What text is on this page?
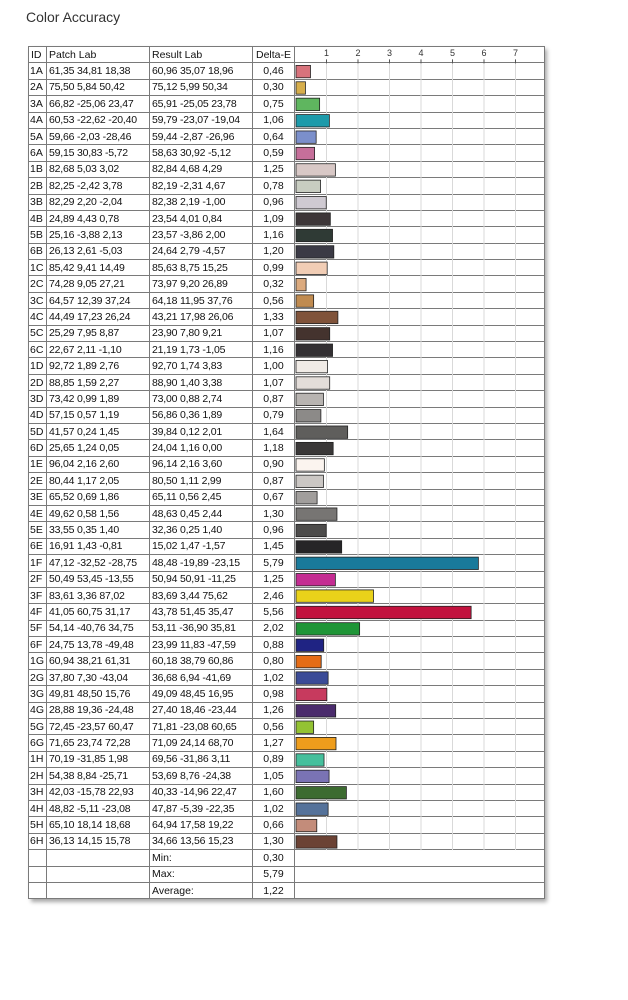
Color Accuracy
ID	Patch Lab	Result Lab	Delta-E	
1A	61,35 34,81 18,38	60,96 35,07 18,96	0,46	
2A	75,50 5,84 50,42	75,12 5,99 50,34	0,30	
3A	66,82 -25,06 23,47	65,91 -25,05 23,78	0,75	
4A	60,53 -22,62 -20,40	59,79 -23,07 -19,04	1,06	
5A	59,66 -2,03 -28,46	59,44 -2,87 -26,96	0,64	
6A	59,15 30,83 -5,72	58,63 30,92 -5,12	0,59	
1B	82,68 5,03 3,02	82,84 4,68 4,29	1,25	
2B	82,25 -2,42 3,78	82,19 -2,31 4,67	0,78	
3B	82,29 2,20 -2,04	82,38 2,19 -1,00	0,96	
4B	24,89 4,43 0,78	23,54 4,01 0,84	1,09	
5B	25,16 -3,88 2,13	23,57 -3,86 2,00	1,16	
6B	26,13 2,61 -5,03	24,64 2,79 -4,57	1,20	
1C	85,42 9,41 14,49	85,63 8,75 15,25	0,99	
2C	74,28 9,05 27,21	73,97 9,20 26,89	0,32	
3C	64,57 12,39 37,24	64,18 11,95 37,76	0,56	
4C	44,49 17,23 26,24	43,21 17,98 26,06	1,33	
5C	25,29 7,95 8,87	23,90 7,80 9,21	1,07	
6C	22,67 2,11 -1,10	21,19 1,73 -1,05	1,16	
1D	92,72 1,89 2,76	92,70 1,74 3,83	1,00	
2D	88,85 1,59 2,27	88,90 1,40 3,38	1,07	
3D	73,42 0,99 1,89	73,00 0,88 2,74	0,87	
4D	57,15 0,57 1,19	56,86 0,36 1,89	0,79	
5D	41,57 0,24 1,45	39,84 0,12 2,01	1,64	
6D	25,65 1,24 0,05	24,04 1,16 0,00	1,18	
1E	96,04 2,16 2,60	96,14 2,16 3,60	0,90	
2E	80,44 1,17 2,05	80,50 1,11 2,99	0,87	
3E	65,52 0,69 1,86	65,11 0,56 2,45	0,67	
4E	49,62 0,58 1,56	48,63 0,45 2,44	1,30	
5E	33,55 0,35 1,40	32,36 0,25 1,40	0,96	
6E	16,91 1,43 -0,81	15,02 1,47 -1,57	1,45	
1F	47,12 -32,52 -28,75	48,48 -19,89 -23,15	5,79	
2F	50,49 53,45 -13,55	50,94 50,91 -11,25	1,25	
3F	83,61 3,36 87,02	83,69 3,44 75,62	2,46	
4F	41,05 60,75 31,17	43,78 51,45 35,47	5,56	
5F	54,14 -40,76 34,75	53,11 -36,90 35,81	2,02	
6F	24,75 13,78 -49,48	23,99 11,83 -47,59	0,88	
1G	60,94 38,21 61,31	60,18 38,79 60,86	0,80	
2G	37,80 7,30 -43,04	36,68 6,94 -41,69	1,02	
3G	49,81 48,50 15,76	49,09 48,45 16,95	0,98	
4G	28,88 19,36 -24,48	27,40 18,46 -23,44	1,26	
5G	72,45 -23,57 60,47	71,81 -23,08 60,65	0,56	
6G	71,65 23,74 72,28	71,09 24,14 68,70	1,27	
1H	70,19 -31,85 1,98	69,56 -31,86 3,11	0,89	
2H	54,38 8,84 -25,71	53,69 8,76 -24,38	1,05	
3H	42,03 -15,78 22,93	40,33 -14,96 22,47	1,60	
4H	48,82 -5,11 -23,08	47,87 -5,39 -22,35	1,02	
5H	65,10 18,14 18,68	64,94 17,58 19,22	0,66	
6H	36,13 14,15 15,78	34,66 13,56 15,23	1,30	
		Min:	0,30	
		Max:	5,79	
		Average:	1,22	
1	2	3	4	5	6	7
